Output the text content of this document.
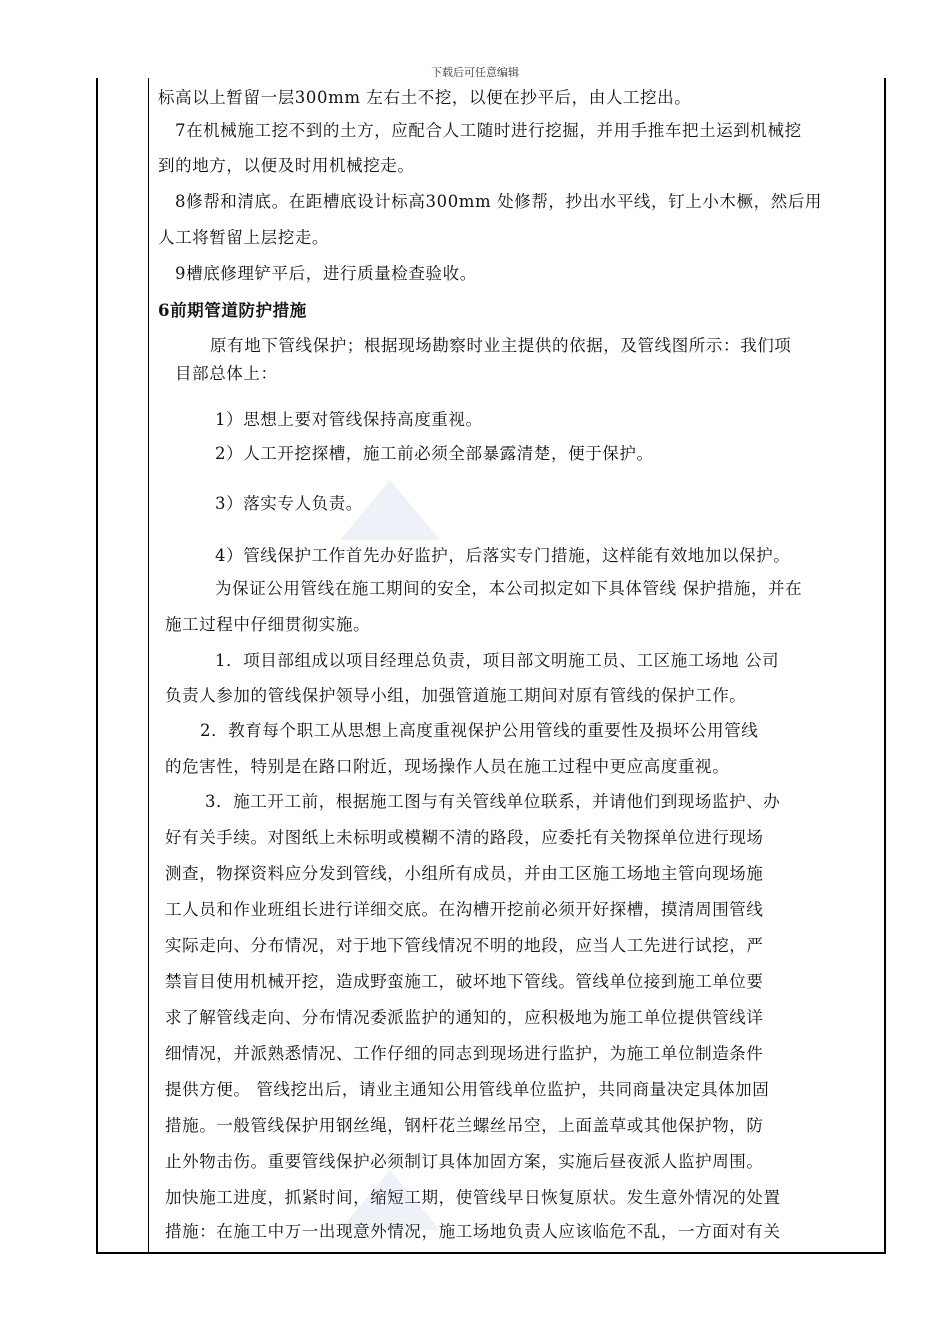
下载后可任意编辑
标高以上暂留一层300mm 左右土不挖，以便在抄平后，由人工挖出。
7在机械施工挖不到的土方，应配合人工随时进行挖掘，并用手推车把土运到机械挖
到的地方，以便及时用机械挖走。
8修帮和清底。在距槽底设计标高300mm 处修帮，抄出水平线，钉上小木橛，然后用
人工将暂留上层挖走。
9槽底修理铲平后，进行质量检查验收。
6前期管道防护措施
原有地下管线保护；根据现场勘察时业主提供的依据，及管线图所示：我们项
目部总体上：
1）思想上要对管线保持高度重视。
2）人工开挖探槽，施工前必须全部暴露清楚，便于保护。
3）落实专人负责。
4）管线保护工作首先办好监护，后落实专门措施，这样能有效地加以保护。
为保证公用管线在施工期间的安全，本公司拟定如下具体管线 保护措施，并在
施工过程中仔细贯彻实施。
1．项目部组成以项目经理总负责，项目部文明施工员、工区施工场地 公司
负责人参加的管线保护领导小组，加强管道施工期间对原有管线的保护工作。
2．教育每个职工从思想上高度重视保护公用管线的重要性及损坏公用管线
的危害性，特别是在路口附近，现场操作人员在施工过程中更应高度重视。
3．施工开工前，根据施工图与有关管线单位联系，并请他们到现场监护、办
好有关手续。对图纸上未标明或模糊不清的路段，应委托有关物探单位进行现场
测查，物探资料应分发到管线，小组所有成员，并由工区施工场地主管向现场施
工人员和作业班组长进行详细交底。在沟槽开挖前必须开好探槽，摸清周围管线
实际走向、分布情况，对于地下管线情况不明的地段，应当人工先进行试挖，严
禁盲目使用机械开挖，造成野蛮施工，破坏地下管线。管线单位接到施工单位要
求了解管线走向、分布情况委派监护的通知的，应积极地为施工单位提供管线详
细情况，并派熟悉情况、工作仔细的同志到现场进行监护，为施工单位制造条件
提供方便。 管线挖出后，请业主通知公用管线单位监护，共同商量决定具体加固
措施。一般管线保护用钢丝绳，钢杆花兰螺丝吊空，上面盖草或其他保护物，防
止外物击伤。重要管线保护必须制订具体加固方案，实施后昼夜派人监护周围。
加快施工进度，抓紧时间，缩短工期，使管线早日恢复原状。发生意外情况的处置
措施：在施工中万一出现意外情况，施工场地负责人应该临危不乱，一方面对有关
